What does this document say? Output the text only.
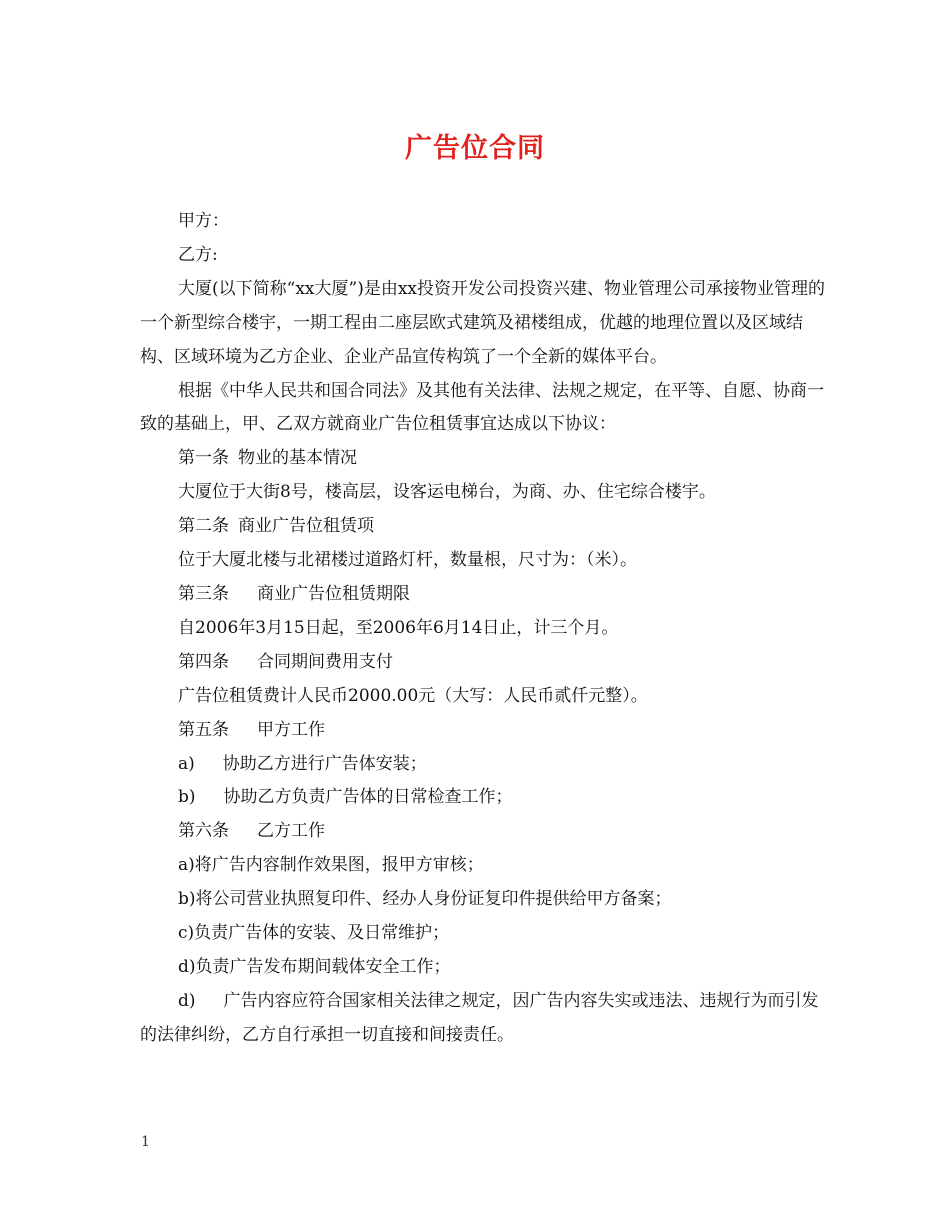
广告位合同

甲方：

乙方:

大厦(以下简称“xx大厦”)是由xx投资开发公司投资兴建、物业管理公司承接物业管理的一个新型综合楼宇，一期工程由二座层欧式建筑及裙楼组成，优越的地理位置以及区域结构、区域环境为乙方企业、企业产品宣传构筑了一个全新的媒体平台。

根据《中华人民共和国合同法》及其他有关法律、法规之规定，在平等、自愿、协商一致的基础上，甲、乙双方就商业广告位租赁事宜达成以下协议：

第一条 物业的基本情况

大厦位于大街8号，楼高层，设客运电梯台，为商、办、住宅综合楼宇。

第二条 商业广告位租赁项

位于大厦北楼与北裙楼过道路灯杆，数量根，尺寸为：（米）。

第三条 商业广告位租赁期限

自2006年3月15日起，至2006年6月14日止，计三个月。

第四条 合同期间费用支付

广告位租赁费计人民币2000.00元（大写：人民币贰仟元整）。

第五条 甲方工作

a) 协助乙方进行广告体安装；

b) 协助乙方负责广告体的日常检查工作；

第六条 乙方工作

a)将广告内容制作效果图，报甲方审核；

b)将公司营业执照复印件、经办人身份证复印件提供给甲方备案；

c)负责广告体的安装、及日常维护；

d)负责广告发布期间载体安全工作；

d) 广告内容应符合国家相关法律之规定，因广告内容失实或违法、违规行为而引发的法律纠纷，乙方自行承担一切直接和间接责任。

1
